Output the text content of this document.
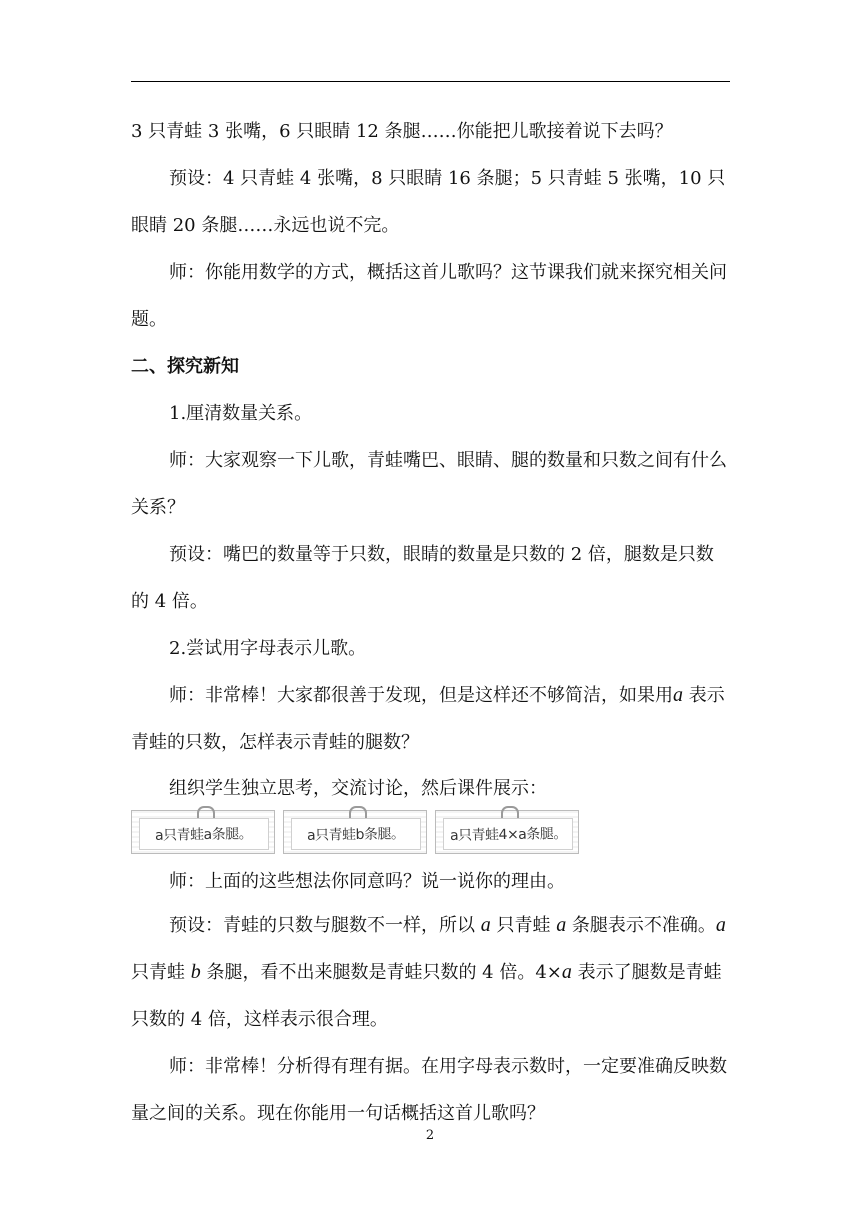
3 只青蛙 3 张嘴，6 只眼睛 12 条腿……你能把儿歌接着说下去吗？

预设：4 只青蛙 4 张嘴，8 只眼睛 16 条腿；5 只青蛙 5 张嘴，10 只眼睛 20 条腿……永远也说不完。

师：你能用数学的方式，概括这首儿歌吗？这节课我们就来探究相关问题。

二、探究新知

1.厘清数量关系。

师：大家观察一下儿歌，青蛙嘴巴、眼睛、腿的数量和只数之间有什么关系？

预设：嘴巴的数量等于只数，眼睛的数量是只数的 2 倍，腿数是只数的 4 倍。

2.尝试用字母表示儿歌。

师：非常棒！大家都很善于发现，但是这样还不够简洁，如果用a 表示青蛙的只数，怎样表示青蛙的腿数？

组织学生独立思考，交流讨论，然后课件展示：

a只青蛙a条腿。	a只青蛙b条腿。	a只青蛙4×a条腿。

师：上面的这些想法你同意吗？说一说你的理由。

预设：青蛙的只数与腿数不一样，所以 a 只青蛙 a 条腿表示不准确。a 只青蛙 b 条腿，看不出来腿数是青蛙只数的 4 倍。4×a 表示了腿数是青蛙只数的 4 倍，这样表示很合理。

师：非常棒！分析得有理有据。在用字母表示数时，一定要准确反映数量之间的关系。现在你能用一句话概括这首儿歌吗？

2
